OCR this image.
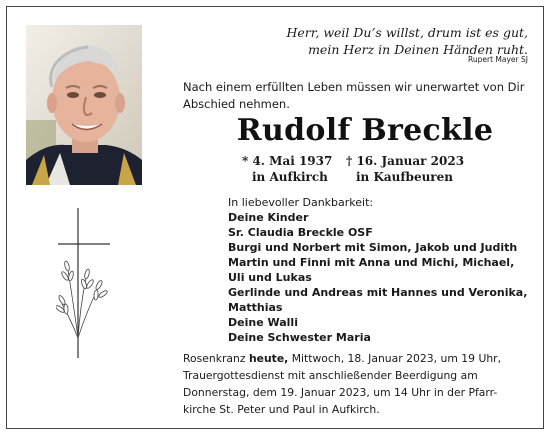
Herr, weil Du’s willst, drum ist es gut,
mein Herz in Deinen Händen ruht.
Rupert Mayer SJ
Nach einem erfüllten Leben müssen wir unerwartet von Dir
Abschied nehmen.
Rudolf Breckle
* 4. Mai 1937
in Aufkirch
† 16. Januar 2023
in Kaufbeuren
In liebevoller Dankbarkeit:
Deine Kinder
Sr. Claudia Breckle OSF
Burgi und Norbert mit Simon, Jakob und Judith
Martin und Finni mit Anna und Michi, Michael,
Uli und Lukas
Gerlinde und Andreas mit Hannes und Veronika,
Matthias
Deine Walli
Deine Schwester Maria
Rosenkranz heute, Mittwoch, 18. Januar 2023, um 19 Uhr,
Trauergottesdienst mit anschließender Beerdigung am
Donnerstag, dem 19. Januar 2023, um 14 Uhr in der Pfarr-
kirche St. Peter und Paul in Aufkirch.
